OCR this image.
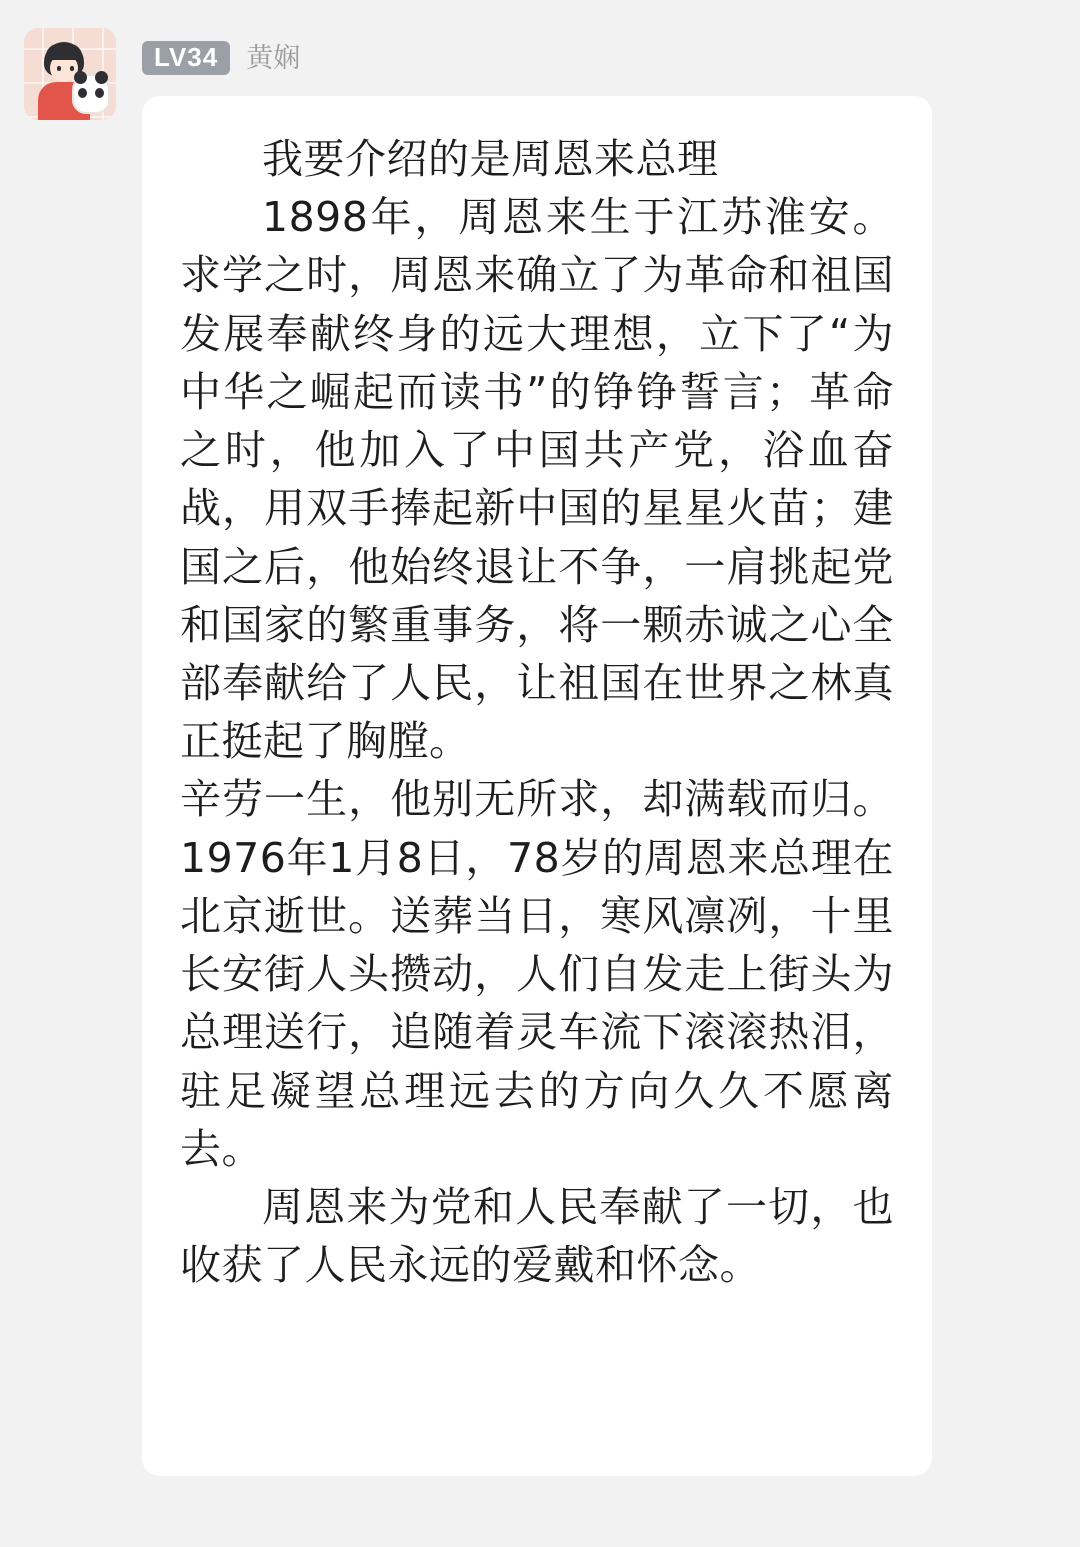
LV34	黄娴

我要介绍的是周恩来总理

1898年，周恩来生于江苏淮安。求学之时，周恩来确立了为革命和祖国发展奉献终身的远大理想，立下了“为中华之崛起而读书”的铮铮誓言；革命之时，他加入了中国共产党，浴血奋战，用双手捧起新中国的星星火苗；建国之后，他始终退让不争，一肩挑起党和国家的繁重事务，将一颗赤诚之心全部奉献给了人民，让祖国在世界之林真正挺起了胸膛。

辛劳一生，他别无所求，却满载而归。1976年1月8日，78岁的周恩来总理在北京逝世。送葬当日，寒风凛冽，十里长安街人头攒动，人们自发走上街头为总理送行，追随着灵车流下滚滚热泪，驻足凝望总理远去的方向久久不愿离去。

周恩来为党和人民奉献了一切，也收获了人民永远的爱戴和怀念。
